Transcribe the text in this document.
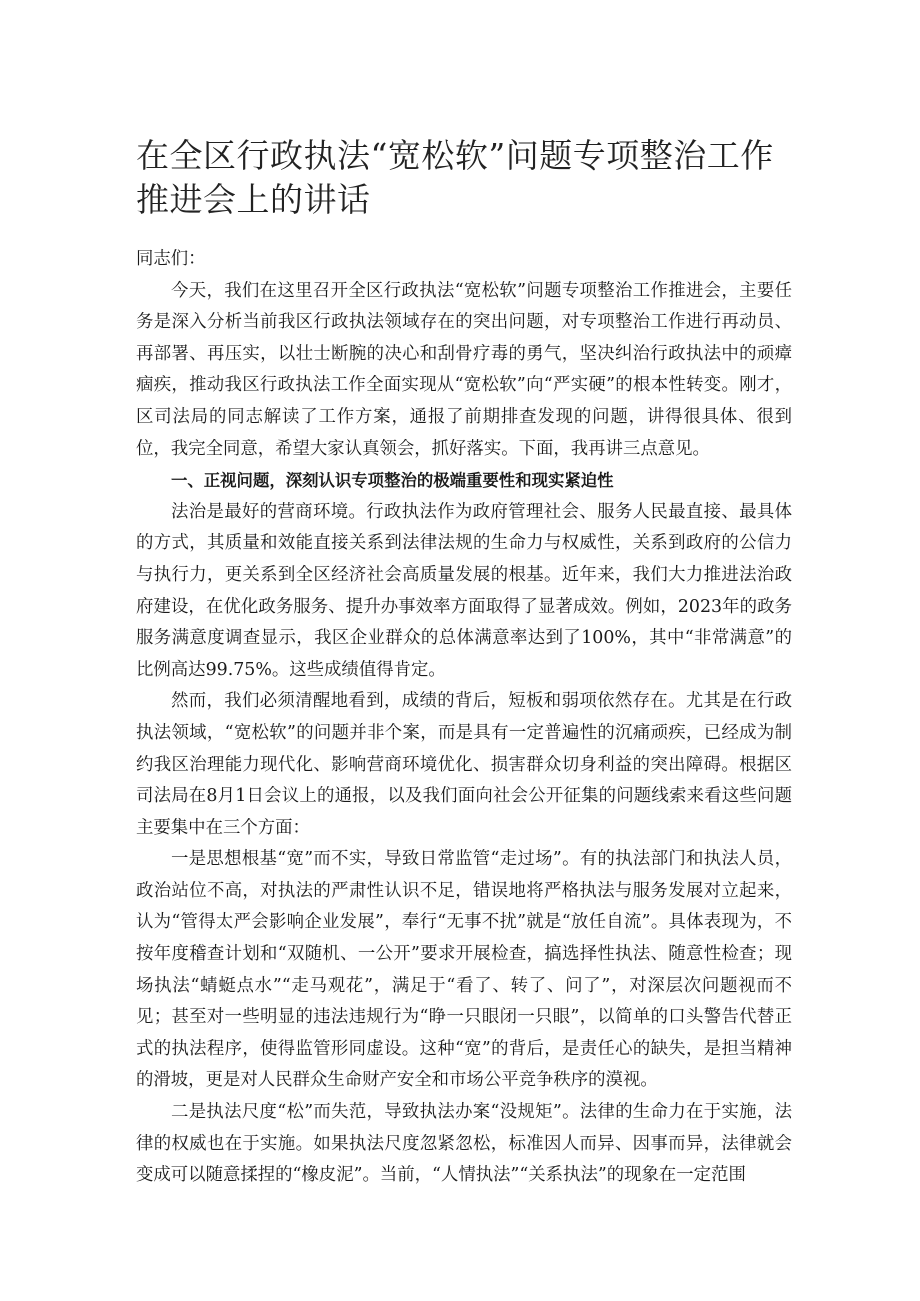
在全区行政执法“宽松软”问题专项整治工作推进会上的讲话

同志们：

今天，我们在这里召开全区行政执法“宽松软”问题专项整治工作推进会，主要任务是深入分析当前我区行政执法领域存在的突出问题，对专项整治工作进行再动员、再部署、再压实，以壮士断腕的决心和刮骨疗毒的勇气，坚决纠治行政执法中的顽瘴痼疾，推动我区行政执法工作全面实现从“宽松软”向“严实硬”的根本性转变。刚才，区司法局的同志解读了工作方案，通报了前期排查发现的问题，讲得很具体、很到位，我完全同意，希望大家认真领会，抓好落实。下面，我再讲三点意见。

一、正视问题，深刻认识专项整治的极端重要性和现实紧迫性

法治是最好的营商环境。行政执法作为政府管理社会、服务人民最直接、最具体的方式，其质量和效能直接关系到法律法规的生命力与权威性，关系到政府的公信力与执行力，更关系到全区经济社会高质量发展的根基。近年来，我们大力推进法治政府建设，在优化政务服务、提升办事效率方面取得了显著成效。例如，2023年的政务服务满意度调查显示，我区企业群众的总体满意率达到了100%，其中“非常满意”的比例高达99.75%。这些成绩值得肯定。

然而，我们必须清醒地看到，成绩的背后，短板和弱项依然存在。尤其是在行政执法领域，“宽松软”的问题并非个案，而是具有一定普遍性的沉痛顽疾，已经成为制约我区治理能力现代化、影响营商环境优化、损害群众切身利益的突出障碍。根据区司法局在8月1日会议上的通报，以及我们面向社会公开征集的问题线索来看这些问题主要集中在三个方面：

一是思想根基“宽”而不实，导致日常监管“走过场”。有的执法部门和执法人员，政治站位不高，对执法的严肃性认识不足，错误地将严格执法与服务发展对立起来，认为“管得太严会影响企业发展”，奉行“无事不扰”就是“放任自流”。具体表现为，不按年度稽查计划和“双随机、一公开”要求开展检查，搞选择性执法、随意性检查；现场执法“蜻蜓点水”“走马观花”，满足于“看了、转了、问了”，对深层次问题视而不见；甚至对一些明显的违法违规行为“睁一只眼闭一只眼”，以简单的口头警告代替正式的执法程序，使得监管形同虚设。这种“宽”的背后，是责任心的缺失，是担当精神的滑坡，更是对人民群众生命财产安全和市场公平竞争秩序的漠视。

二是执法尺度“松”而失范，导致执法办案“没规矩”。法律的生命力在于实施，法律的权威也在于实施。如果执法尺度忽紧忽松，标准因人而异、因事而异，法律就会变成可以随意揉捏的“橡皮泥”。当前，“人情执法”“关系执法”的现象在一定范围
